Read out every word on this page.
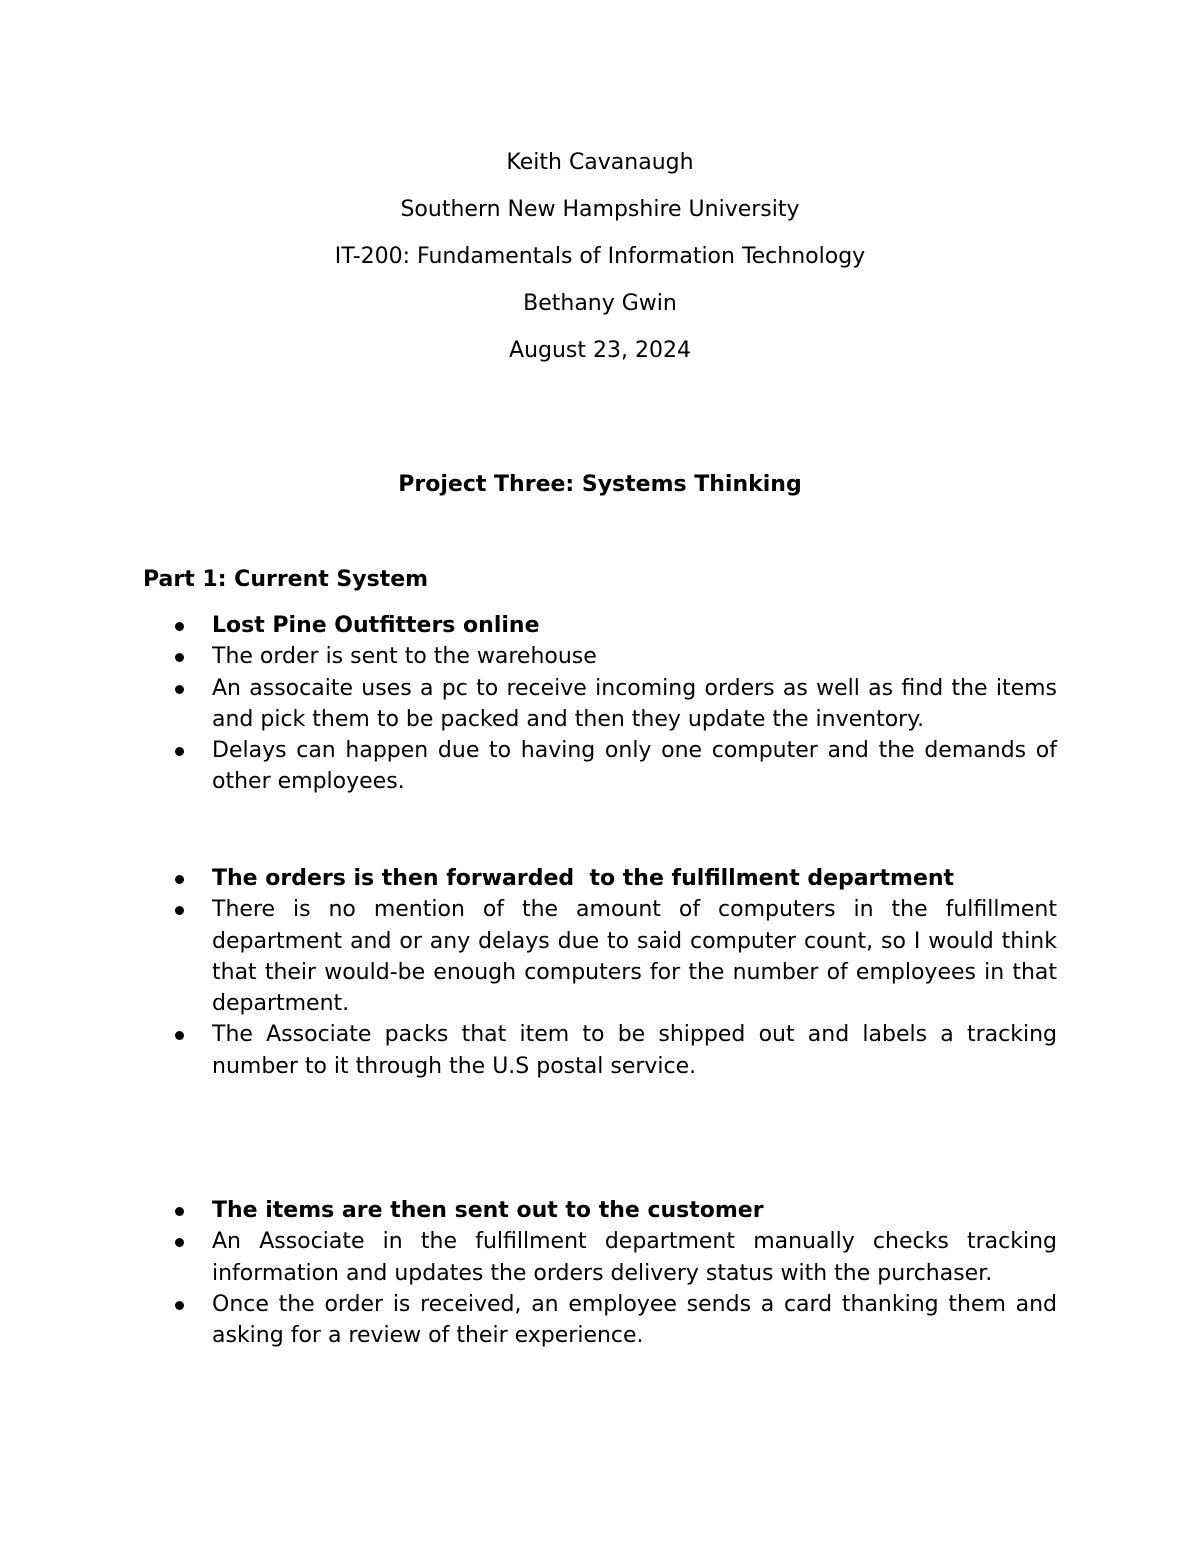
Keith Cavanaugh
Southern New Hampshire University
IT-200: Fundamentals of Information Technology
Bethany Gwin
August 23, 2024
Project Three: Systems Thinking
Part 1: Current System
Lost Pine Outfitters online
The order is sent to the warehouse
An assocaite uses a pc to receive incoming orders as well as find the items and pick them to be packed and then they update the inventory.
Delays can happen due to having only one computer and the demands of other employees.
The orders is then forwarded  to the fulfillment department
There is no mention of the amount of computers in the fulfillment department and or any delays due to said computer count, so I would think that their would-be enough computers for the number of employees in that department.
The Associate packs that item to be shipped out and labels a tracking number to it through the U.S postal service.
The items are then sent out to the customer
An Associate in the fulfillment department manually checks tracking information and updates the orders delivery status with the purchaser.
Once the order is received, an employee sends a card thanking them and asking for a review of their experience.
